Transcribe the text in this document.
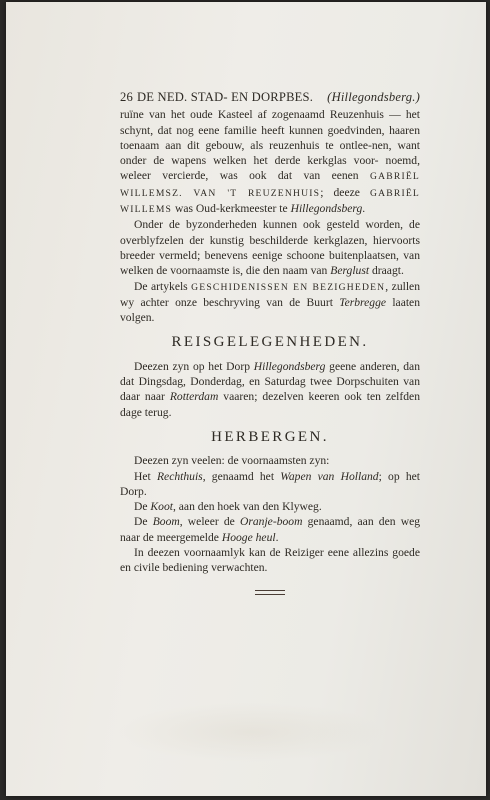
26 DE NED. STAD- EN DORPBES.	(Hillegondsberg.)

ruïne van het oude Kasteel af zogenaamd Reuzenhuis — het schynt, dat nog eene familie heeft kunnen goedvinden, haaren toenaam aan dit gebouw, als reuzenhuis te ontlee-nen, want onder de wapens welken het derde kerkglas voor- noemd, weleer vercierde, was ook dat van eenen GABRIËL WILLEMSZ. VAN 'T REUZENHUIS; deeze GABRIËL WILLEMS was Oud-kerkmeester te Hillegondsberg.

Onder de byzonderheden kunnen ook gesteld worden, de overblyfzelen der kunstig beschilderde kerkglazen, hiervoorts breeder vermeld; benevens eenige schoone buitenplaatsen, van welken de voornaamste is, die den naam van Berglust draagt.

De artykels GESCHIDENISSEN EN BEZIGHEDEN, zullen wy achter onze beschryving van de Buurt Terbregge laaten volgen.

REISGELEGENHEDEN.

Deezen zyn op het Dorp Hillegondsberg geene anderen, dan dat Dingsdag, Donderdag, en Saturdag twee Dorpschuiten van daar naar Rotterdam vaaren; dezelven keeren ook ten zelfden dage terug.

HERBERGEN.

Deezen zyn veelen: de voornaamsten zyn:

Het Rechthuis, genaamd het Wapen van Holland; op het Dorp.

De Koot, aan den hoek van den Klyweg.

De Boom, weleer de Oranje-boom genaamd, aan den weg naar de meergemelde Hooge heul.

In deezen voornaamlyk kan de Reiziger eene allezins goede en civile bediening verwachten.
